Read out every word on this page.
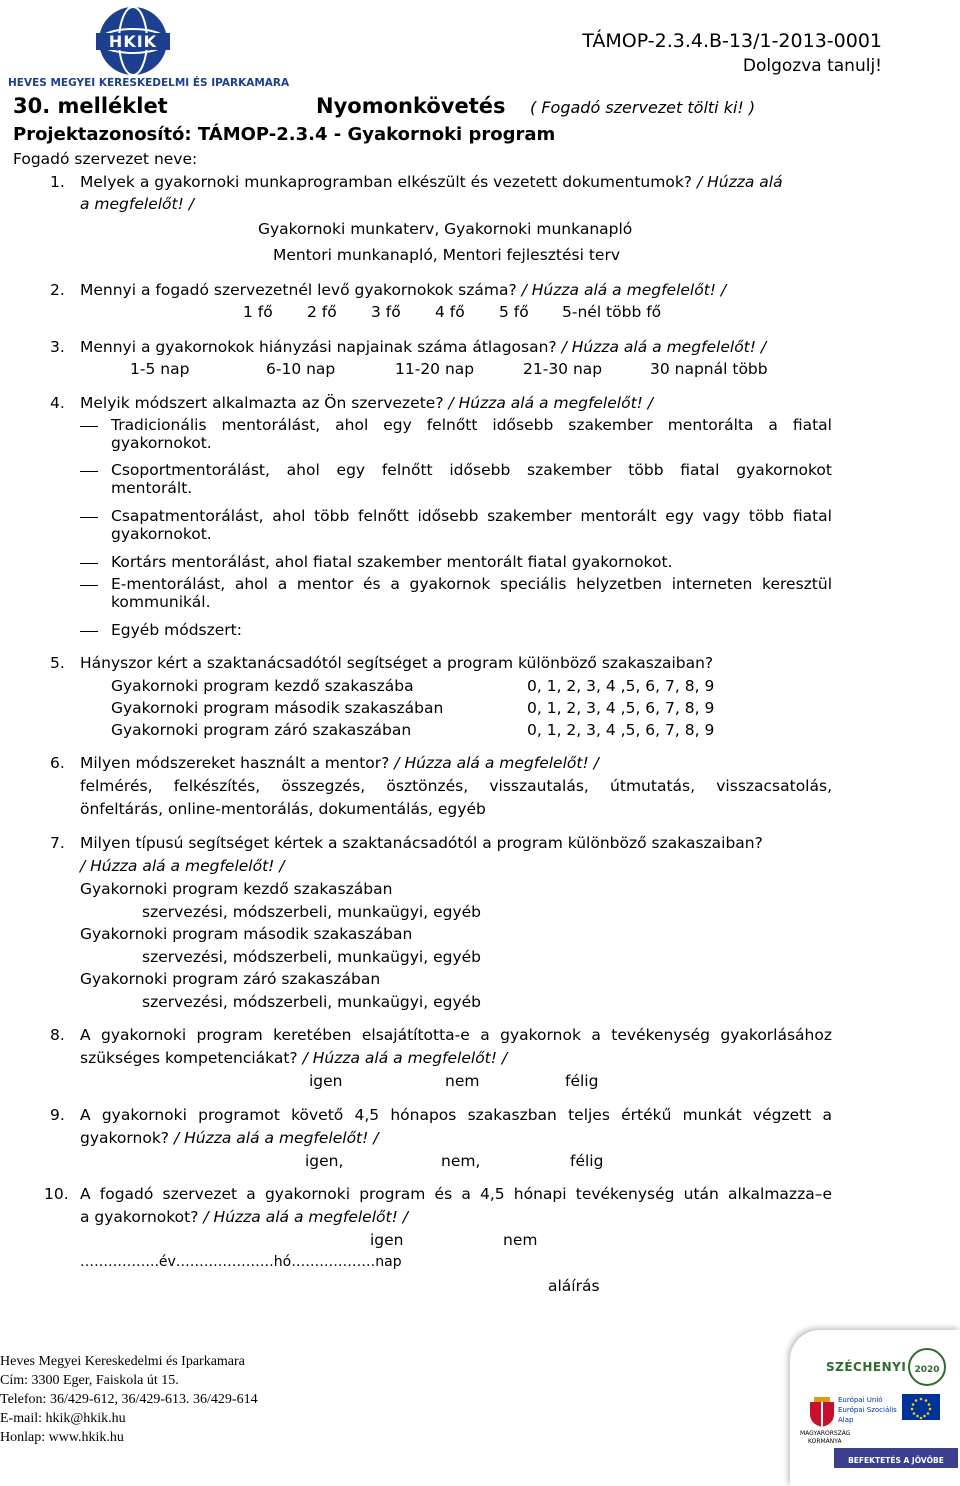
HKIK
HEVES MEGYEI KERESKEDELMI ÉS IPARKAMARA
TÁMOP-2.3.4.B-13/1-2013-0001
Dolgozva tanulj!
30. melléklet	Nyomonkövetés ( Fogadó szervezet tölti ki! )
Projektazonosító: TÁMOP-2.3.4 - Gyakornoki program
Fogadó szervezet neve:
1. Melyek a gyakornoki munkaprogramban elkészült és vezetett dokumentumok? / Húzza alá
a megfelelőt! /
Gyakornoki munkaterv, Gyakornoki munkanapló
Mentori munkanapló, Mentori fejlesztési terv
2. Mennyi a fogadó szervezetnél levő gyakornokok száma? / Húzza alá a megfelelőt! /
1 fő 2 fő 3 fő 4 fő 5 fő 5-nél több fő
3. Mennyi a gyakornokok hiányzási napjainak száma átlagosan? / Húzza alá a megfelelőt! /
1-5 nap	6-10 nap	11-20 nap	21-30 nap	30 napnál több
4. Melyik módszert alkalmazta az Ön szervezete? / Húzza alá a megfelelőt! /
Tradicionális mentorálást, ahol egy felnőtt idősebb szakember mentorálta a fiatal
gyakornokot.
Csoportmentorálást, ahol egy felnőtt idősebb szakember több fiatal gyakornokot
mentorált.
Csapatmentorálást, ahol több felnőtt idősebb szakember mentorált egy vagy több fiatal
gyakornokot.
Kortárs mentorálást, ahol fiatal szakember mentorált fiatal gyakornokot.
E-mentorálást, ahol a mentor és a gyakornok speciális helyzetben interneten keresztül
kommunikál.
Egyéb módszert:
5. Hányszor kért a szaktanácsadótól segítséget a program különböző szakaszaiban?
Gyakornoki program kezdő szakaszába	0, 1, 2, 3, 4 ,5, 6, 7, 8, 9
Gyakornoki program második szakaszában	0, 1, 2, 3, 4 ,5, 6, 7, 8, 9
Gyakornoki program záró szakaszában	0, 1, 2, 3, 4 ,5, 6, 7, 8, 9
6. Milyen módszereket használt a mentor? / Húzza alá a megfelelőt! /
felmérés, felkészítés, összegzés, ösztönzés, visszautalás, útmutatás, visszacsatolás,
önfeltárás, online-mentorálás, dokumentálás, egyéb
7. Milyen típusú segítséget kértek a szaktanácsadótól a program különböző szakaszaiban?
/ Húzza alá a megfelelőt! /
Gyakornoki program kezdő szakaszában
szervezési, módszerbeli, munkaügyi, egyéb
Gyakornoki program második szakaszában
szervezési, módszerbeli, munkaügyi, egyéb
Gyakornoki program záró szakaszában
szervezési, módszerbeli, munkaügyi, egyéb
8. A gyakornoki program keretében elsajátította-e a gyakornok a tevékenység gyakorlásához
szükséges kompetenciákat? / Húzza alá a megfelelőt! /
igen	nem	félig
9. A gyakornoki programot követő 4,5 hónapos szakaszban teljes értékű munkát végzett a
gyakornok? / Húzza alá a megfelelőt! /
igen,	nem,	félig
10. A fogadó szervezet a gyakornoki program és a 4,5 hónapi tevékenység után alkalmazza–e
a gyakornokot? / Húzza alá a megfelelőt! /
igen	nem
……………..év…………………hó………………nap
aláírás
Heves Megyei Kereskedelmi és Iparkamara
Cím: 3300 Eger, Faiskola út 15.
Telefon: 36/429-612, 36/429-613. 36/429-614
E-mail: hkik@hkik.hu
Honlap: www.hkik.hu
SZÉCHENYI 2020
MAGYARORSZÁG
KORMÁNYA
Európai Unió
Európai Szociális
Alap
BEFEKTETÉS A JÖVŐBE
